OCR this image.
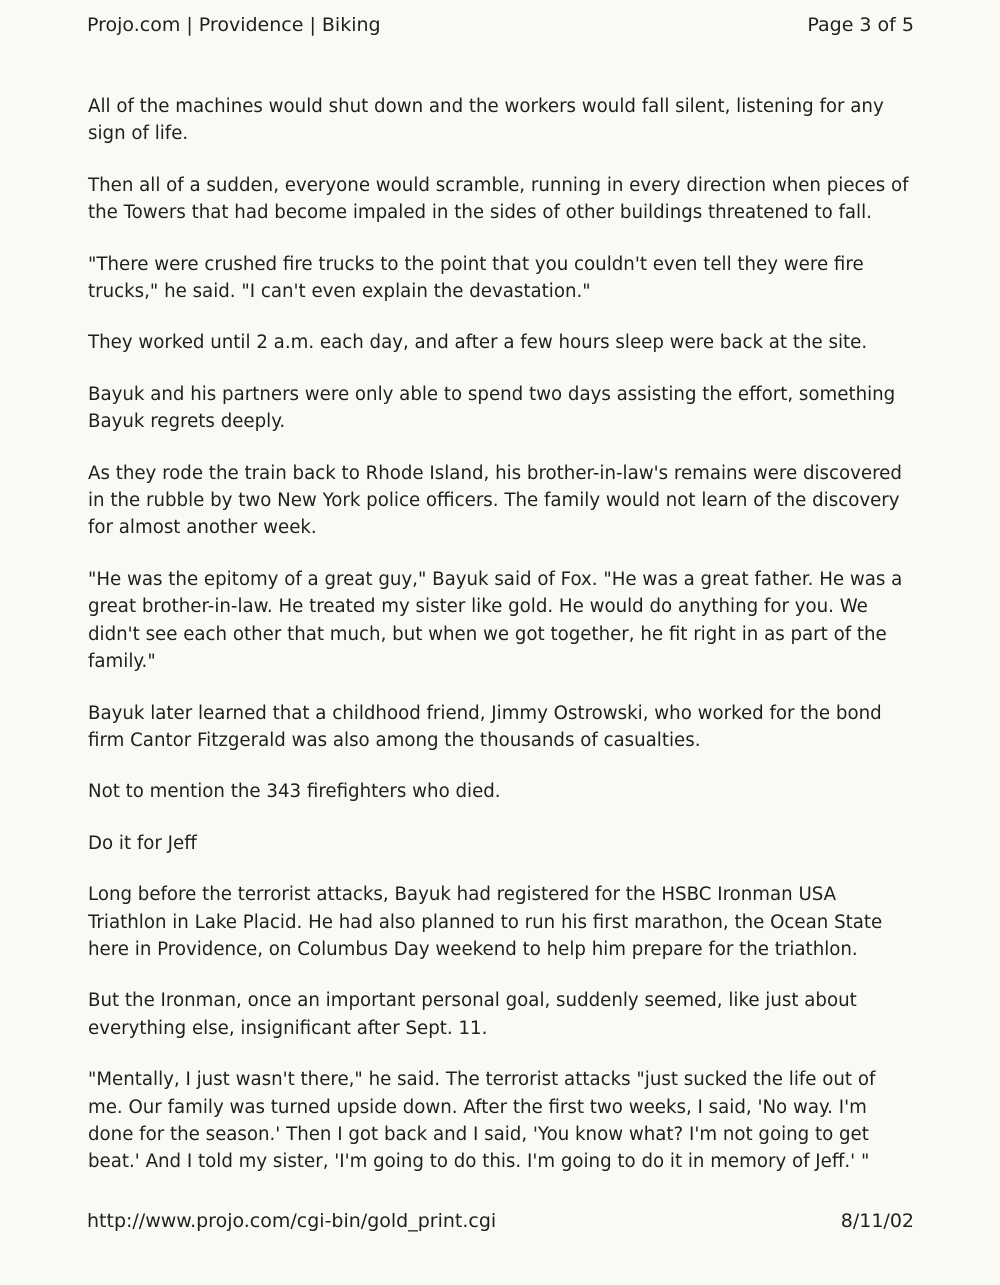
Projo.com | Providence | Biking	Page 3 of 5

All of the machines would shut down and the workers would fall silent, listening for any sign of life.

Then all of a sudden, everyone would scramble, running in every direction when pieces of the Towers that had become impaled in the sides of other buildings threatened to fall.

"There were crushed fire trucks to the point that you couldn't even tell they were fire trucks," he said. "I can't even explain the devastation."

They worked until 2 a.m. each day, and after a few hours sleep were back at the site.

Bayuk and his partners were only able to spend two days assisting the effort, something Bayuk regrets deeply.

As they rode the train back to Rhode Island, his brother-in-law's remains were discovered in the rubble by two New York police officers. The family would not learn of the discovery for almost another week.

"He was the epitomy of a great guy," Bayuk said of Fox. "He was a great father. He was a great brother-in-law. He treated my sister like gold. He would do anything for you. We didn't see each other that much, but when we got together, he fit right in as part of the family."

Bayuk later learned that a childhood friend, Jimmy Ostrowski, who worked for the bond firm Cantor Fitzgerald was also among the thousands of casualties.

Not to mention the 343 firefighters who died.

Do it for Jeff

Long before the terrorist attacks, Bayuk had registered for the HSBC Ironman USA Triathlon in Lake Placid. He had also planned to run his first marathon, the Ocean State here in Providence, on Columbus Day weekend to help him prepare for the triathlon.

But the Ironman, once an important personal goal, suddenly seemed, like just about everything else, insignificant after Sept. 11.

"Mentally, I just wasn't there," he said. The terrorist attacks "just sucked the life out of me. Our family was turned upside down. After the first two weeks, I said, 'No way. I'm done for the season.' Then I got back and I said, 'You know what? I'm not going to get beat.' And I told my sister, 'I'm going to do this. I'm going to do it in memory of Jeff.' "

http://www.projo.com/cgi-bin/gold_print.cgi	8/11/02
